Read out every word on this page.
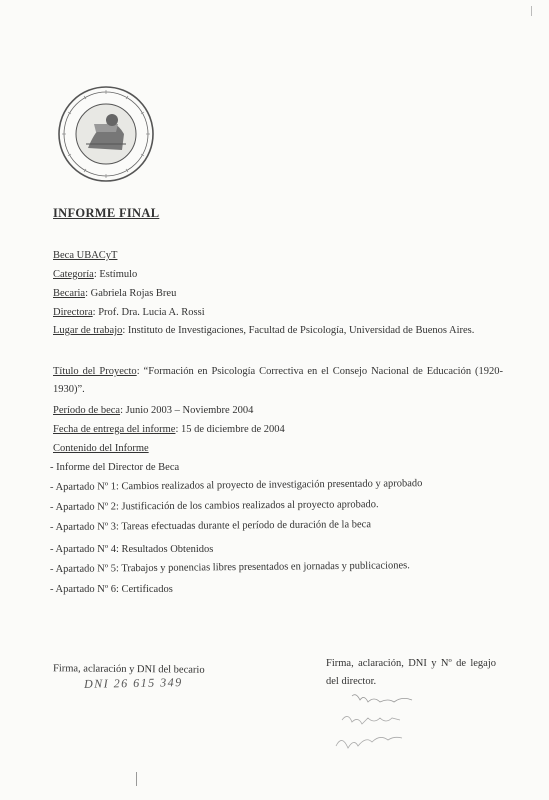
INFORME FINAL
Beca UBACyT
Categoría: Estímulo
Becaria: Gabriela Rojas Breu
Directora: Prof. Dra. Lucia A. Rossi
Lugar de trabajo: Instituto de Investigaciones, Facultad de Psicología, Universidad de Buenos Aires.
Título del Proyecto: “Formación en Psicología Correctiva en el Consejo Nacional de Educación (1920-1930)”.
Período de beca: Junio 2003 – Noviembre 2004
Fecha de entrega del informe: 15 de diciembre de 2004
Contenido del Informe
- Informe del Director de Beca
- Apartado Nº 1: Cambios realizados al proyecto de investigación presentado y aprobado
- Apartado Nº 2: Justificación de los cambios realizados al proyecto aprobado.
- Apartado Nº 3: Tareas efectuadas durante el período de duración de la beca
- Apartado Nº 4: Resultados Obtenidos
- Apartado Nº 5: Trabajos y ponencias libres presentados en jornadas y publicaciones.
- Apartado Nº 6: Certificados
Firma, aclaración y DNI del becario
DNI 26 615 349
Firma, aclaración, DNI y Nº de legajo del director.
